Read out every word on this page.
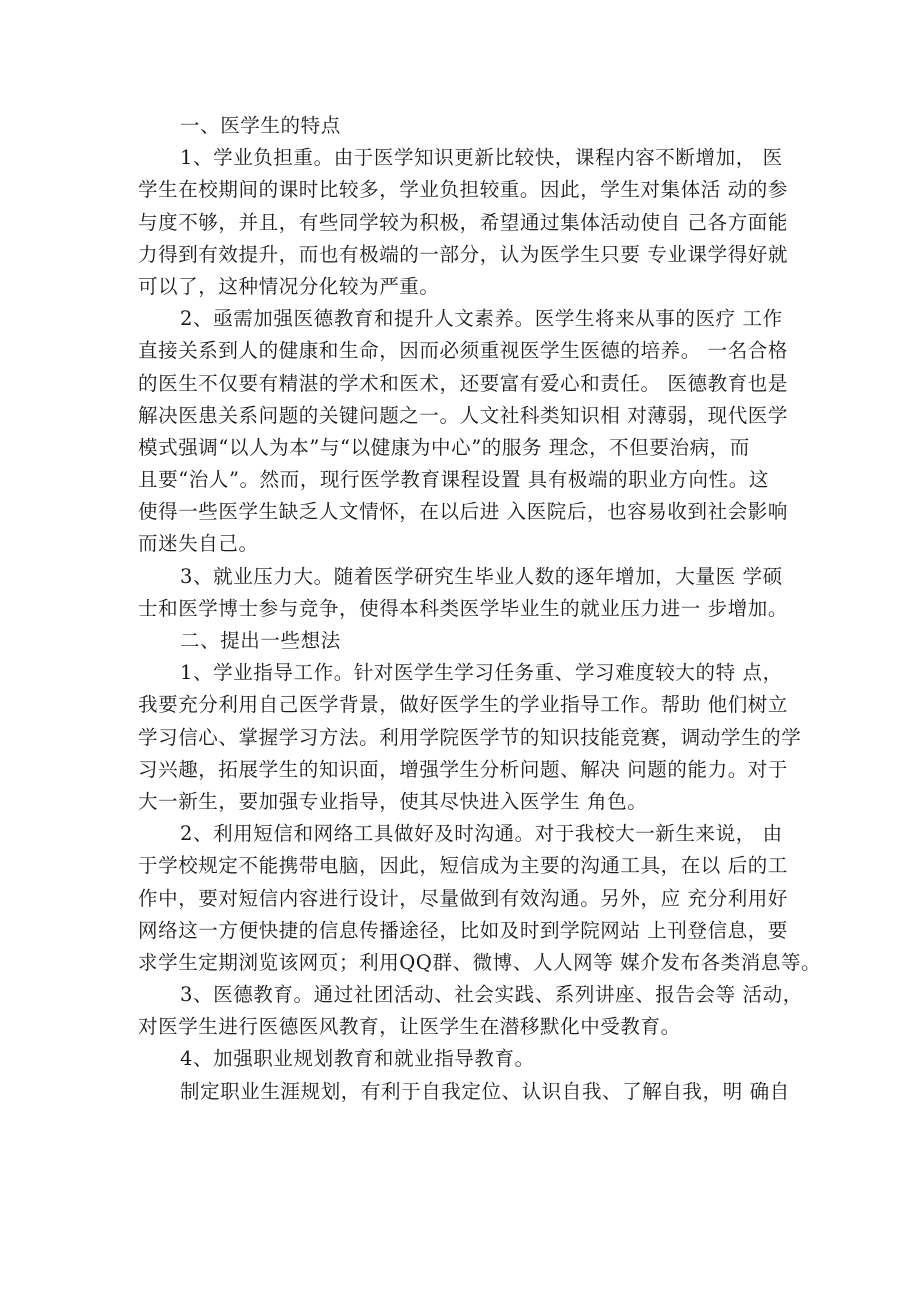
一、医学生的特点

1、学业负担重。由于医学知识更新比较快，课程内容不断增加， 医
学生在校期间的课时比较多，学业负担较重。因此，学生对集体活 动的参
与度不够，并且，有些同学较为积极，希望通过集体活动使自 己各方面能
力得到有效提升，而也有极端的一部分，认为医学生只要 专业课学得好就
可以了，这种情况分化较为严重。

2、亟需加强医德教育和提升人文素养。医学生将来从事的医疗 工作
直接关系到人的健康和生命，因而必须重视医学生医德的培养。 一名合格
的医生不仅要有精湛的学术和医术，还要富有爱心和责任。 医德教育也是
解决医患关系问题的关键问题之一。人文社科类知识相 对薄弱，现代医学
模式强调“以人为本”与“以健康为中心”的服务 理念，不但要治病，而
且要“治人”。然而，现行医学教育课程设置 具有极端的职业方向性。这
使得一些医学生缺乏人文情怀，在以后进 入医院后，也容易收到社会影响
而迷失自己。

3、就业压力大。随着医学研究生毕业人数的逐年增加，大量医 学硕
士和医学博士参与竞争，使得本科类医学毕业生的就业压力进一 步增加。

二、提出一些想法

1、学业指导工作。针对医学生学习任务重、学习难度较大的特 点，
我要充分利用自己医学背景，做好医学生的学业指导工作。帮助 他们树立
学习信心、掌握学习方法。利用学院医学节的知识技能竞赛，调动学生的学
习兴趣，拓展学生的知识面，增强学生分析问题、解决 问题的能力。对于
大一新生，要加强专业指导，使其尽快进入医学生 角色。

2、利用短信和网络工具做好及时沟通。对于我校大一新生来说， 由
于学校规定不能携带电脑，因此，短信成为主要的沟通工具，在以 后的工
作中，要对短信内容进行设计，尽量做到有效沟通。另外，应 充分利用好
网络这一方便快捷的信息传播途径，比如及时到学院网站 上刊登信息，要
求学生定期浏览该网页；利用QQ群、微博、人人网等 媒介发布各类消息等。

3、医德教育。通过社团活动、社会实践、系列讲座、报告会等 活动，
对医学生进行医德医风教育，让医学生在潜移默化中受教育。

4、加强职业规划教育和就业指导教育。

制定职业生涯规划，有利于自我定位、认识自我、了解自我，明 确自
